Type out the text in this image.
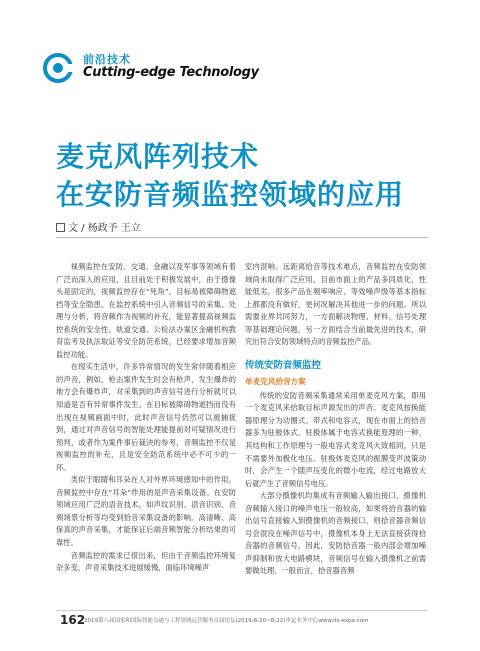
前沿技术
Cutting-edge Technology
麦克风阵列技术
在安防音频监控领域的应用
文 / 杨政予 王立

视频监控在安防、交通、金融以及军事等领域有着广泛而深入的应用，且目前处于积极发展中，由于摄像头是固定的，视频监控存在“死角”，目标易被障碍物遮挡等安全隐患。在监控系统中引入音频信号的采集、处理与分析，将音频作为视频的补充，能显著提高视频监控系统的安全性。轨道交通、公检法办案区金融机构教育监考及执法取证等安全防范系统，已经要求增加音频监控功能。

在现实生活中，许多异常情况的发生常伴随着相应的声音，例如，枪击案件发生时会有枪声，发生爆炸的地方会有爆炸声，对采集到的声音信号进行分析就可以知道是否有异常事件发生。在目标被障碍物遮挡而没有出现在视频画面中时，此时声音信号仍然可以被捕捉到，通过对声音信号的智能处理能提前对可疑情况进行预判，或者作为案件事后裁决的参考，音频监控不仅是视频监控的补充，且是安全防范系统中必不可少的一环。

类似于眼睛和耳朵在人对外界环境感知中的作用，音频监控中存在“耳朵”作用的是声音采集设备。在安防领域应用广泛的语音技术，如声纹识别、语音识别、音频场景分析等均受到拾音采集设备的影响。高清晰、高保真的声音采集，才能保证后端音频智能分析结果的可靠性。

音频监控的需求已很出来，但由于音频监控环境复杂多变，声音采集技术进展缓慢，面临环境噪声

室内混响、远距离拾音等技术难点，音频监控在安防领域尚未取得广泛应用，目前市面上的产品多同质化，性能低劣，很多产品在频率响应、等效噪声级等基本指标上都都没有做好，更何况解决其他进一步的问题。所以需要业界共同努力，一方面解决物理、材料、信号处理等基础理论问题，另一方面结合当前最先进的技术，研究出符合安防领域特点的音频监控产品。

传统安防音频监控
单麦克风拾音方案

传统的安防音频采集通常采用单麦克风方案，即用一个麦克风来拾取目标声源发出的声音。麦克风按换能器原理分为动圈式、带式和电容式，现在市面上的拾音器多为驻极体式。驻极体属于电容式换能原理的一种，其结构和工作原理与一般电容式麦克风大致相同，只是不需要外加极化电压。驻极体麦克风的振膜受声波策动时，会产生一个随声压变化的微小电流，经过电路放大后就产生了音频信号电压。

大部分摄像机均集成有音频输入输出接口，摄像机音频输入接口的噪声电压一般较高，如果将拾音器的输出信号直接输入到摄像机的音频接口，则拾音器音频信号会混没在噪声信号中，摄像机本身上无法直接获得拾音器的音频信号，因此，安防拾音器一般内部会增加噪声抑制和放大电路模块，音频信号在输入摄像机之前需要做处理。一般而言，拾音器音频

162
2019第八届国家和国际智能交通与工程领域运营服务首届论坛(2019-8-20~8-22)审定业务中心www.its-expo.com
